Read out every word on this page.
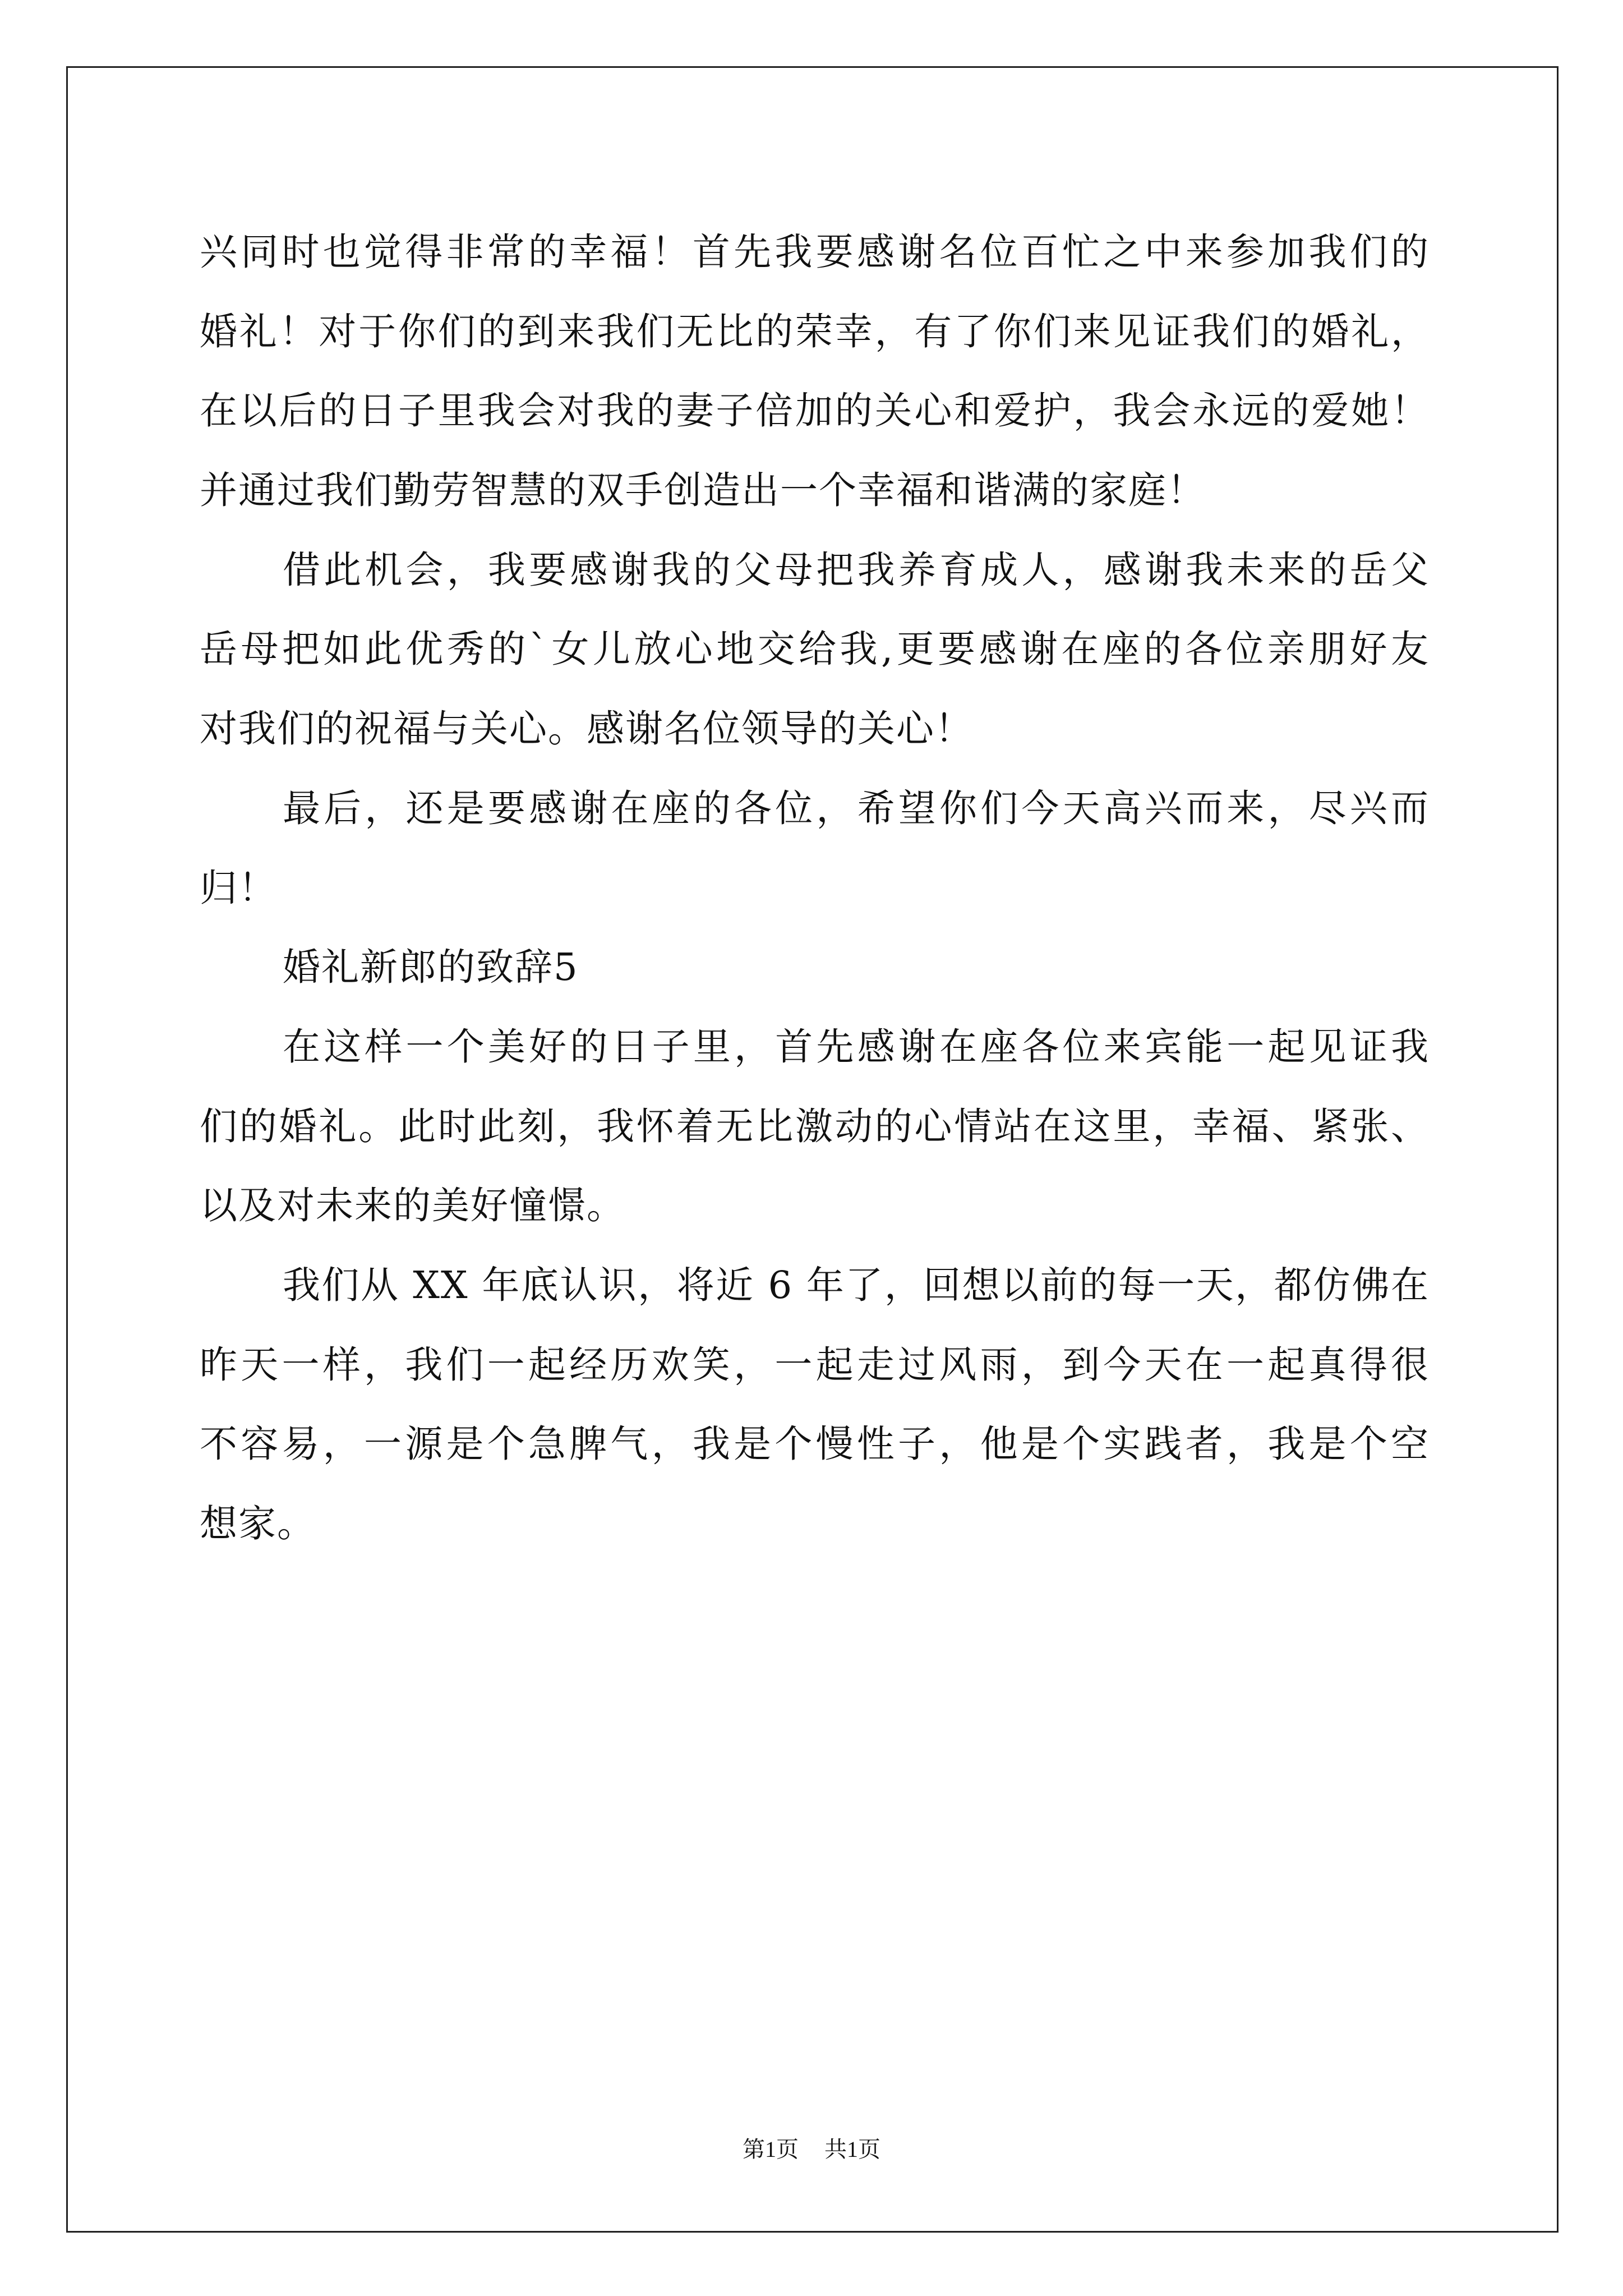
兴同时也觉得非常的幸福！首先我要感谢名位百忙之中来参加我们的
婚礼！对于你们的到来我们无比的荣幸，有了你们来见证我们的婚礼，
在以后的日子里我会对我的妻子倍加的关心和爱护，我会永远的爱她！
并通过我们勤劳智慧的双手创造出一个幸福和谐满的家庭！
借此机会，我要感谢我的父母把我养育成人，感谢我未来的岳父
岳母把如此优秀的`女儿放心地交给我,更要感谢在座的各位亲朋好友
对我们的祝福与关心。感谢名位领导的关心！
最后，还是要感谢在座的各位，希望你们今天高兴而来，尽兴而
归！
婚礼新郎的致辞5
在这样一个美好的日子里，首先感谢在座各位来宾能一起见证我
们的婚礼。此时此刻，我怀着无比激动的心情站在这里，幸福、紧张、
以及对未来的美好憧憬。
我们从 XX 年底认识，将近 6 年了，回想以前的每一天，都仿佛在
昨天一样，我们一起经历欢笑，一起走过风雨，到今天在一起真得很
不容易，一源是个急脾气，我是个慢性子，他是个实践者，我是个空
想家。
第1页 共1页
